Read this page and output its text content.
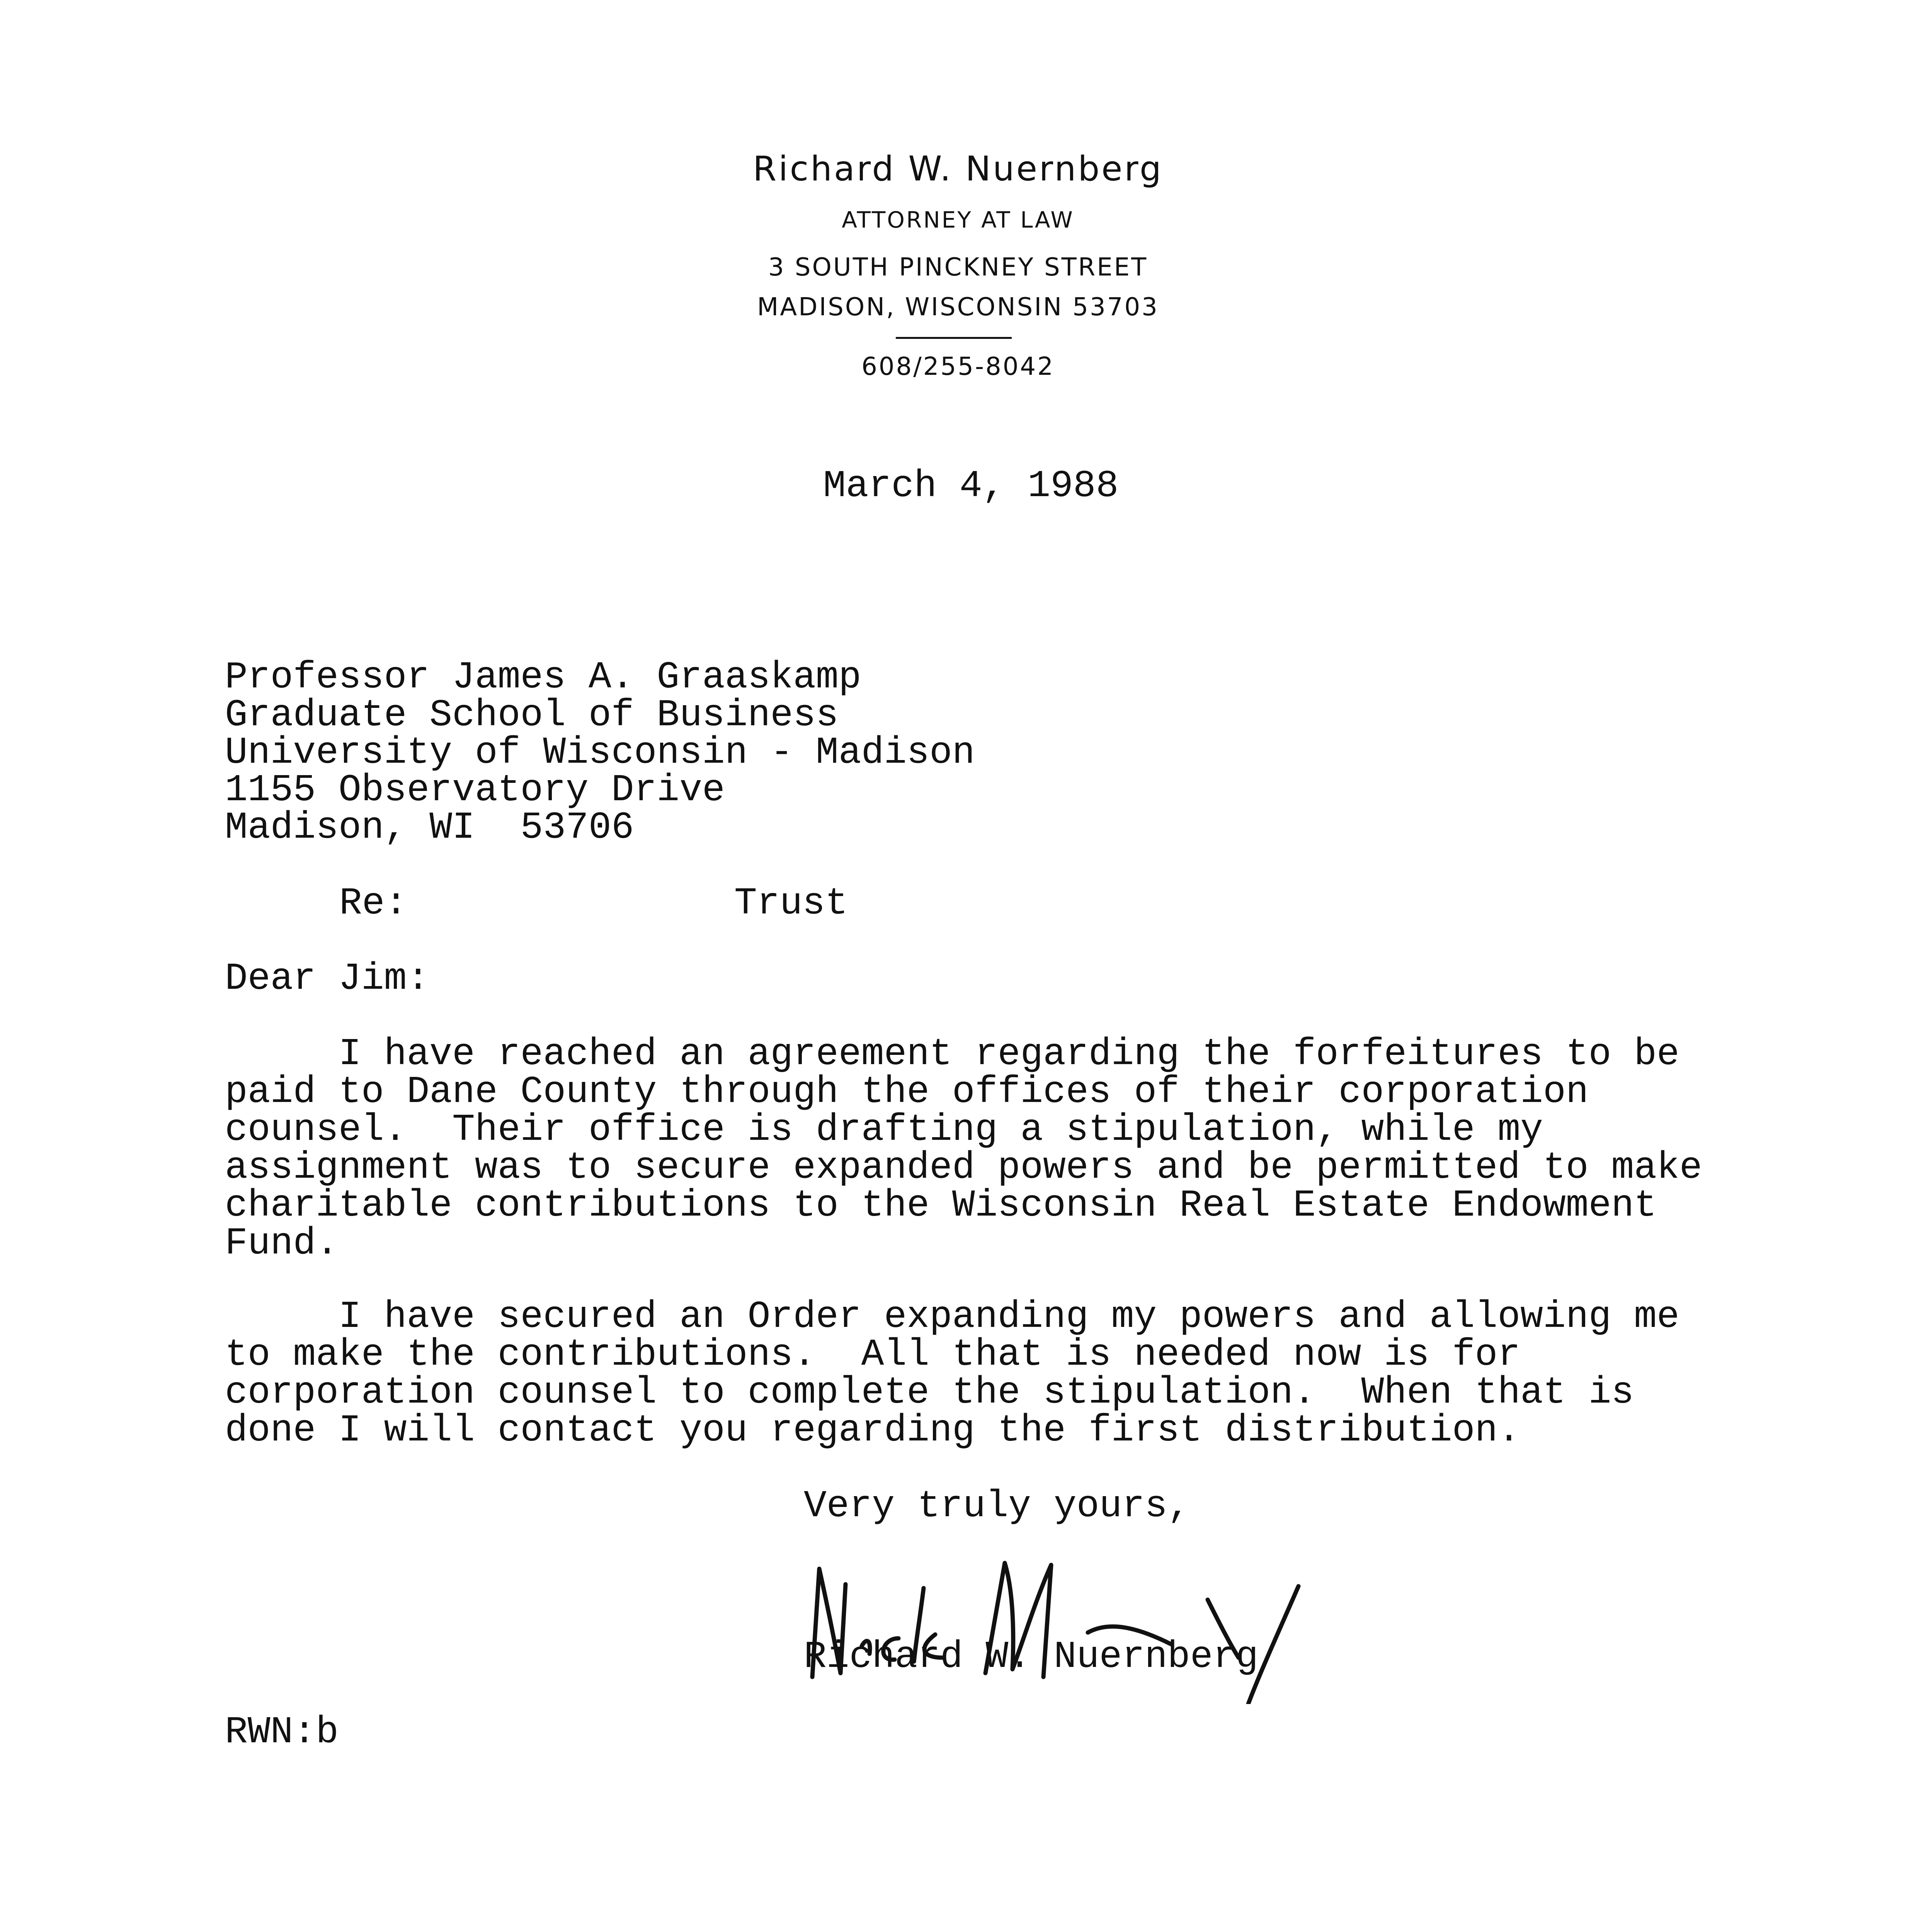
Richard W. Nuernberg
ATTORNEY AT LAW
3 SOUTH PINCKNEY STREET
MADISON, WISCONSIN 53703
608/255-8042
March 4, 1988
Professor James A. Graaskamp
Graduate School of Business
University of Wisconsin - Madison
1155 Observatory Drive
Madison, WI  53706
Re:	Trust
Dear Jim:
I have reached an agreement regarding the forfeitures to be
paid to Dane County through the offices of their corporation
counsel.  Their office is drafting a stipulation, while my
assignment was to secure expanded powers and be permitted to make
charitable contributions to the Wisconsin Real Estate Endowment
Fund.
I have secured an Order expanding my powers and allowing me
to make the contributions.  All that is needed now is for
corporation counsel to complete the stipulation.  When that is
done I will contact you regarding the first distribution.
Very truly yours,
Richard W. Nuernberg
RWN:b
